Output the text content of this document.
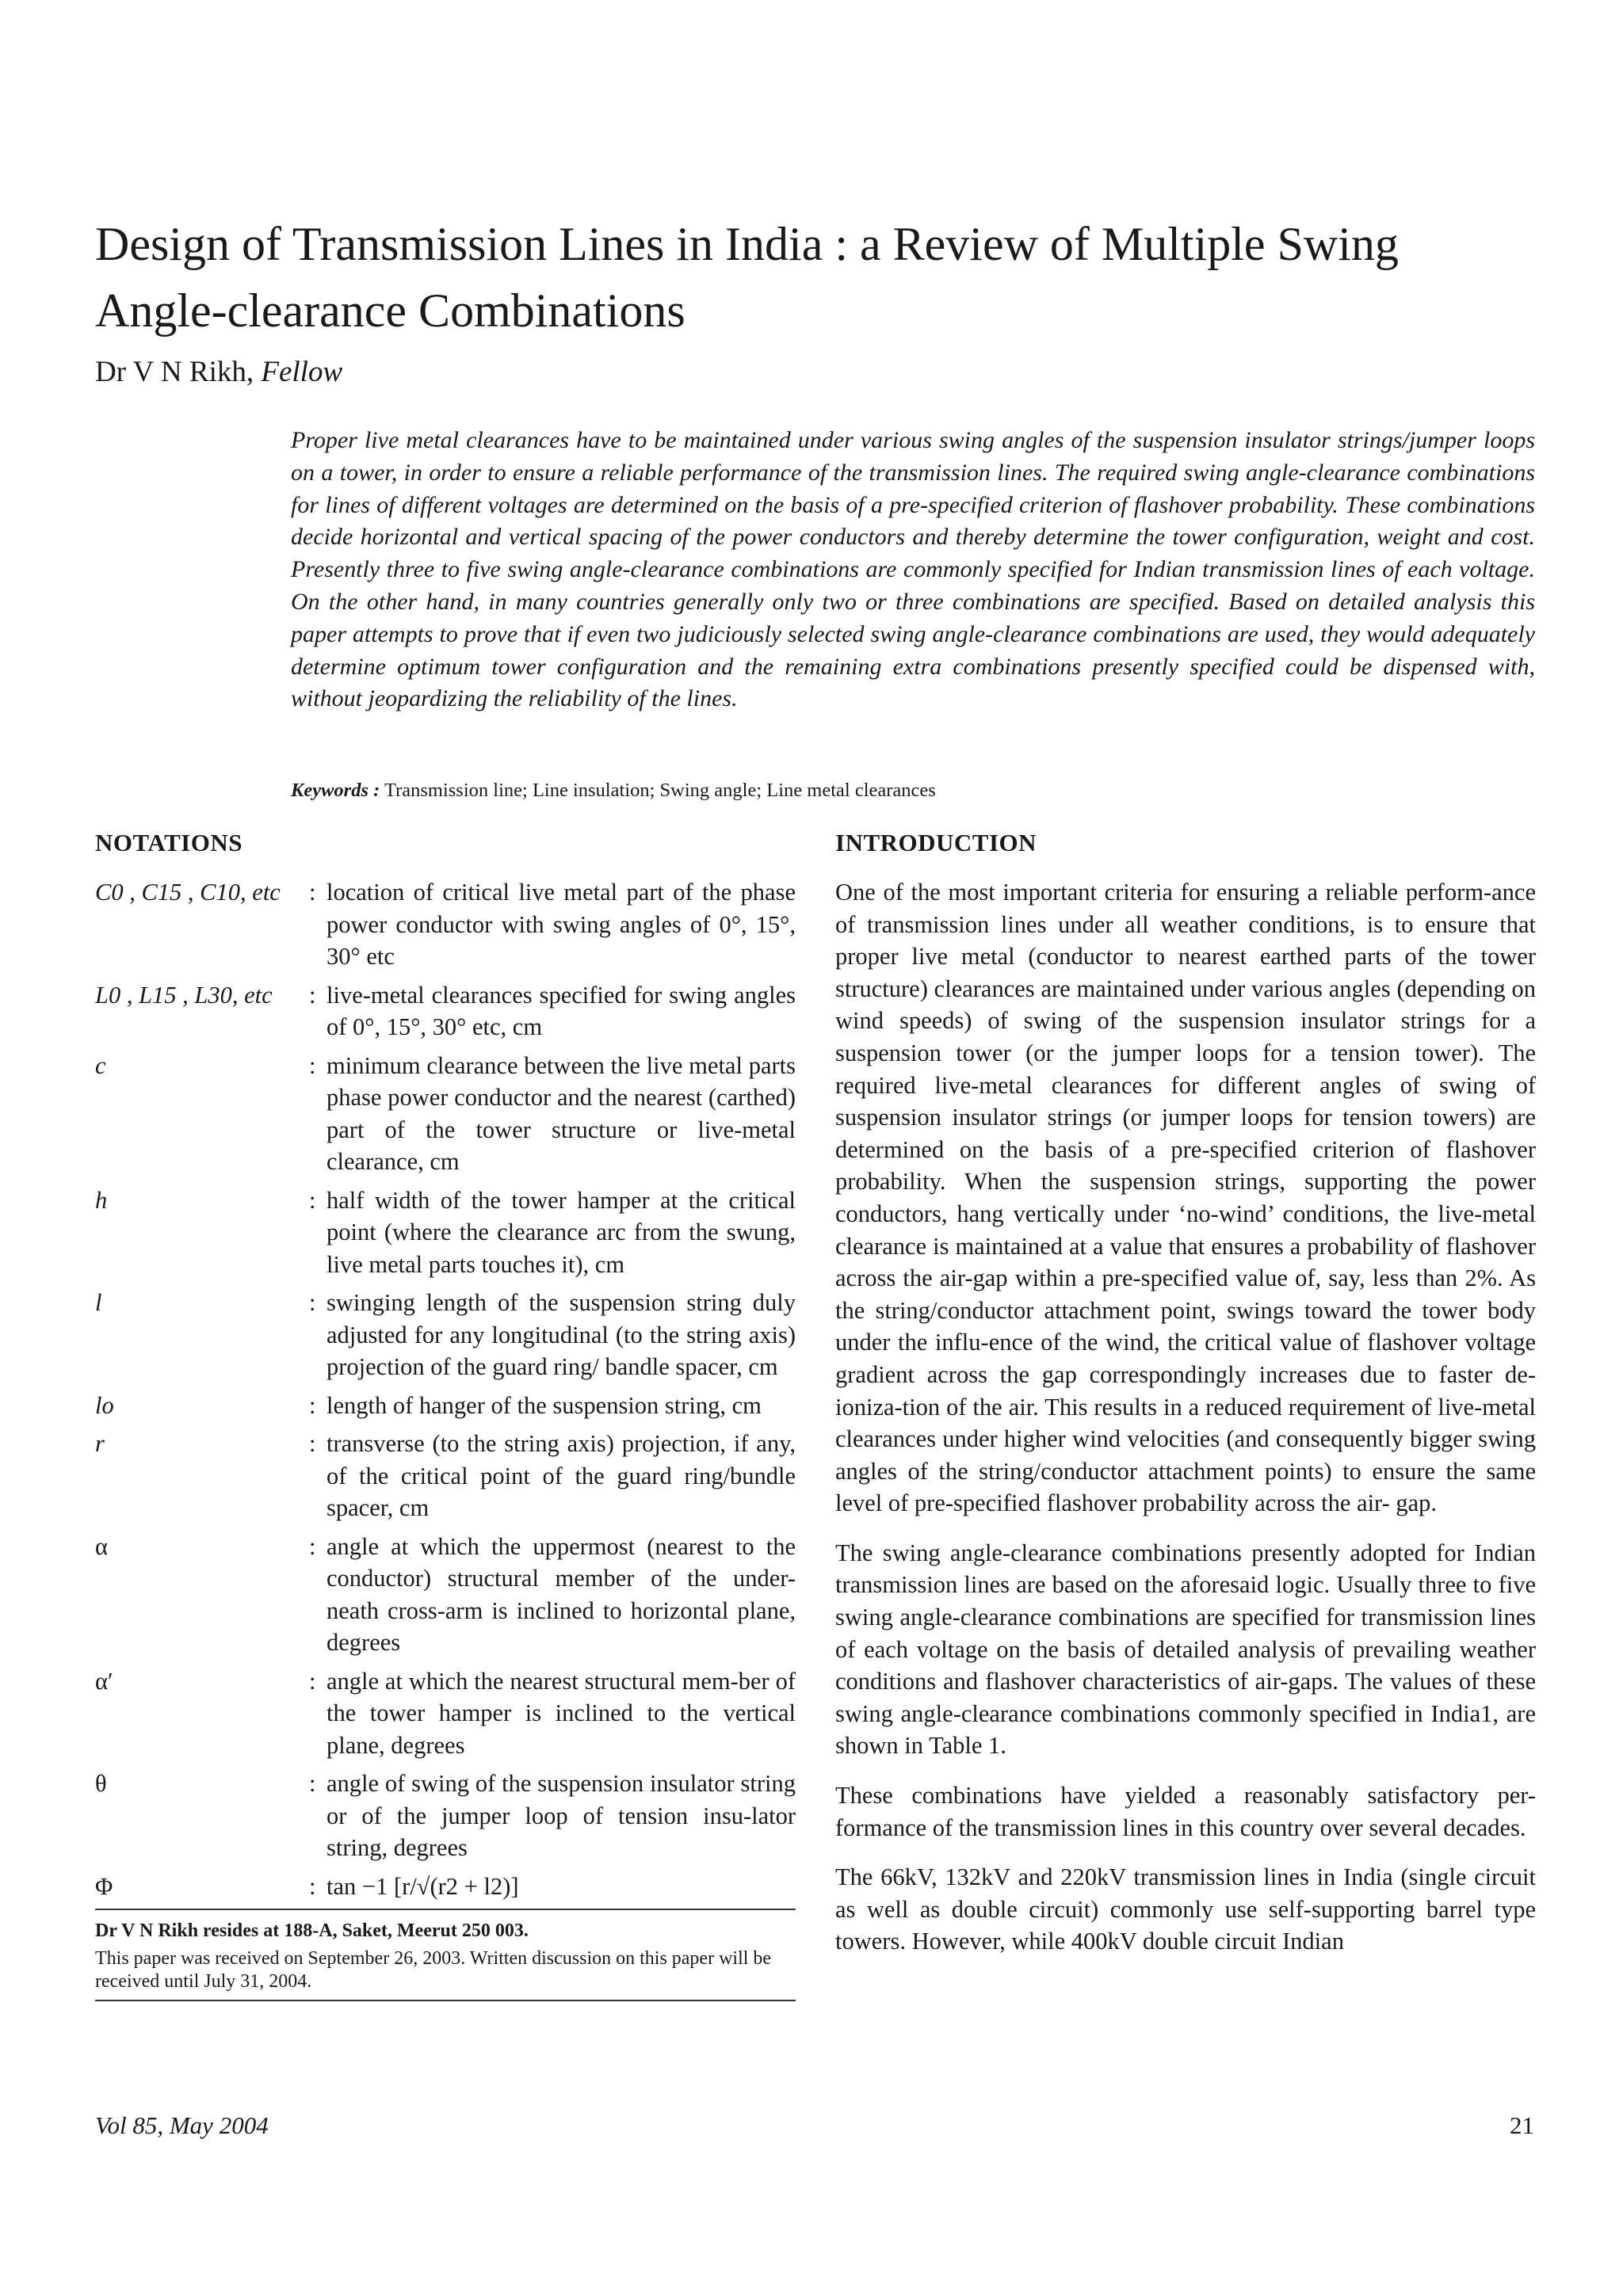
Design of Transmission Lines in India : a Review of Multiple Swing Angle-clearance Combinations
Dr V N Rikh, Fellow

Proper live metal clearances have to be maintained under various swing angles of the suspension insulator strings/jumper loops on a tower, in order to ensure a reliable performance of the transmission lines. The required swing angle-clearance combinations for lines of different voltages are determined on the basis of a pre-specified criterion of flashover probability. These combinations decide horizontal and vertical spacing of the power conductors and thereby determine the tower configuration, weight and cost. Presently three to five swing angle-clearance combinations are commonly specified for Indian transmission lines of each voltage. On the other hand, in many countries generally only two or three combinations are specified. Based on detailed analysis this paper attempts to prove that if even two judiciously selected swing angle-clearance combinations are used, they would adequately determine optimum tower configuration and the remaining extra combinations presently specified could be dispensed with, without jeopardizing the reliability of the lines.

Keywords : Transmission line; Line insulation; Swing angle; Line metal clearances
NOTATIONS
C0 , C15 , C10, etc	: location of critical live metal part of the phase power conductor with swing angles of 0°, 15°, 30° etc
L0 , L15 , L30, etc	: live-metal clearances specified for swing angles of 0°, 15°, 30° etc, cm
c	: minimum clearance between the live metal parts phase power conductor and the nearest (carthed) part of the tower structure or live-metal clearance, cm
h	: half width of the tower hamper at the critical point (where the clearance arc from the swung, live metal parts touches it), cm
l	: swinging length of the suspension string duly adjusted for any longitudinal (to the string axis) projection of the guard ring/ bandle spacer, cm
lo	: length of hanger of the suspension string, cm
r	: transverse (to the string axis) projection, if any, of the critical point of the guard ring/bundle spacer, cm
α	: angle at which the uppermost (nearest to the conductor) structural member of the under-neath cross-arm is inclined to horizontal plane, degrees
α′	: angle at which the nearest structural mem-ber of the tower hamper is inclined to the vertical plane, degrees
θ	: angle of swing of the suspension insulator string or of the jumper loop of tension insu-lator string, degrees
Φ	: tan −1 [r/√(r2 + l2)]
Dr V N Rikh resides at 188-A, Saket, Meerut 250 003.
This paper was received on September 26, 2003. Written discussion on this paper will be received until July 31, 2004.
INTRODUCTION

One of the most important criteria for ensuring a reliable perform-ance of transmission lines under all weather conditions, is to ensure that proper live metal (conductor to nearest earthed parts of the tower structure) clearances are maintained under various angles (depending on wind speeds) of swing of the suspension insulator strings for a suspension tower (or the jumper loops for a tension tower). The required live-metal clearances for different angles of swing of suspension insulator strings (or jumper loops for tension towers) are determined on the basis of a pre-specified criterion of flashover probability. When the suspension strings, supporting the power conductors, hang vertically under ‘no-wind’ conditions, the live-metal clearance is maintained at a value that ensures a probability of flashover across the air-gap within a pre-specified value of, say, less than 2%. As the string/conductor attachment point, swings toward the tower body under the influ-ence of the wind, the critical value of flashover voltage gradient across the gap correspondingly increases due to faster de-ioniza-tion of the air. This results in a reduced requirement of live-metal clearances under higher wind velocities (and consequently bigger swing angles of the string/conductor attachment points) to ensure the same level of pre-specified flashover probability across the air- gap.

The swing angle-clearance combinations presently adopted for Indian transmission lines are based on the aforesaid logic. Usually three to five swing angle-clearance combinations are specified for transmission lines of each voltage on the basis of detailed analysis of prevailing weather conditions and flashover characteristics of air-gaps. The values of these swing angle-clearance combinations commonly specified in India1, are shown in Table 1.

These combinations have yielded a reasonably satisfactory per-formance of the transmission lines in this country over several decades.

The 66kV, 132kV and 220kV transmission lines in India (single circuit as well as double circuit) commonly use self-supporting barrel type towers. However, while 400kV double circuit Indian

Vol 85, May 2004	21
